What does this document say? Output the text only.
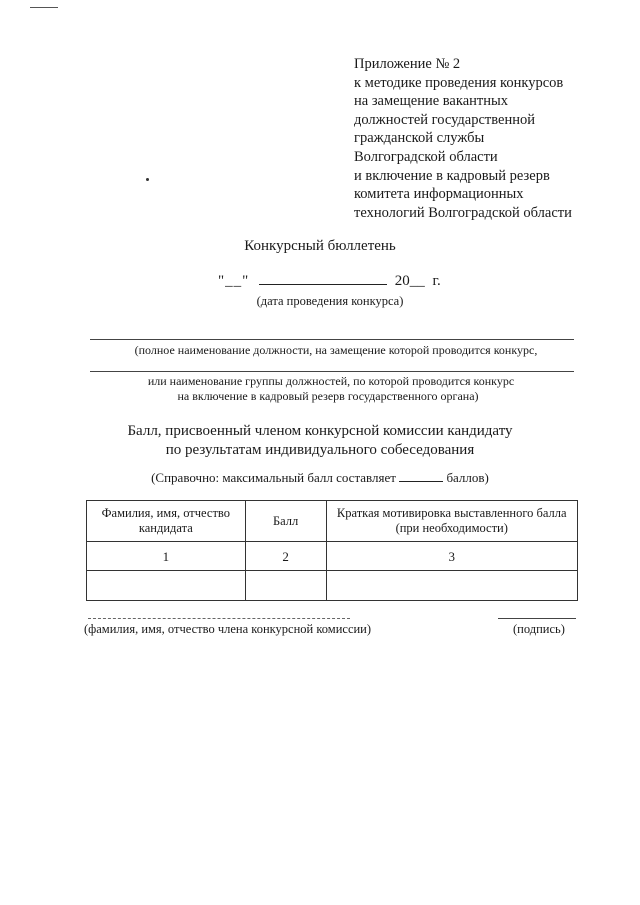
Приложение № 2
к методике проведения конкурсов
на замещение вакантных
должностей государственной
гражданской службы
Волгоградской области
и включение в кадровый резерв
комитета информационных
технологий Волгоградской области
Конкурсный бюллетень
"__"	20__ г.
(дата проведения конкурса)
(полное наименование должности, на замещение которой проводится конкурс,
или наименование группы должностей, по которой проводится конкурс
на включение в кадровый резерв государственного органа)
Балл, присвоенный членом конкурсной комиссии кандидату
по результатам индивидуального собеседования
(Справочно: максимальный балл составляет	баллов)
Фамилия, имя, отчество кандидата	Балл	Краткая мотивировка выставленного балла (при необходимости)
1	2	3

(фамилия, имя, отчество члена конкурсной комиссии)	(подпись)
